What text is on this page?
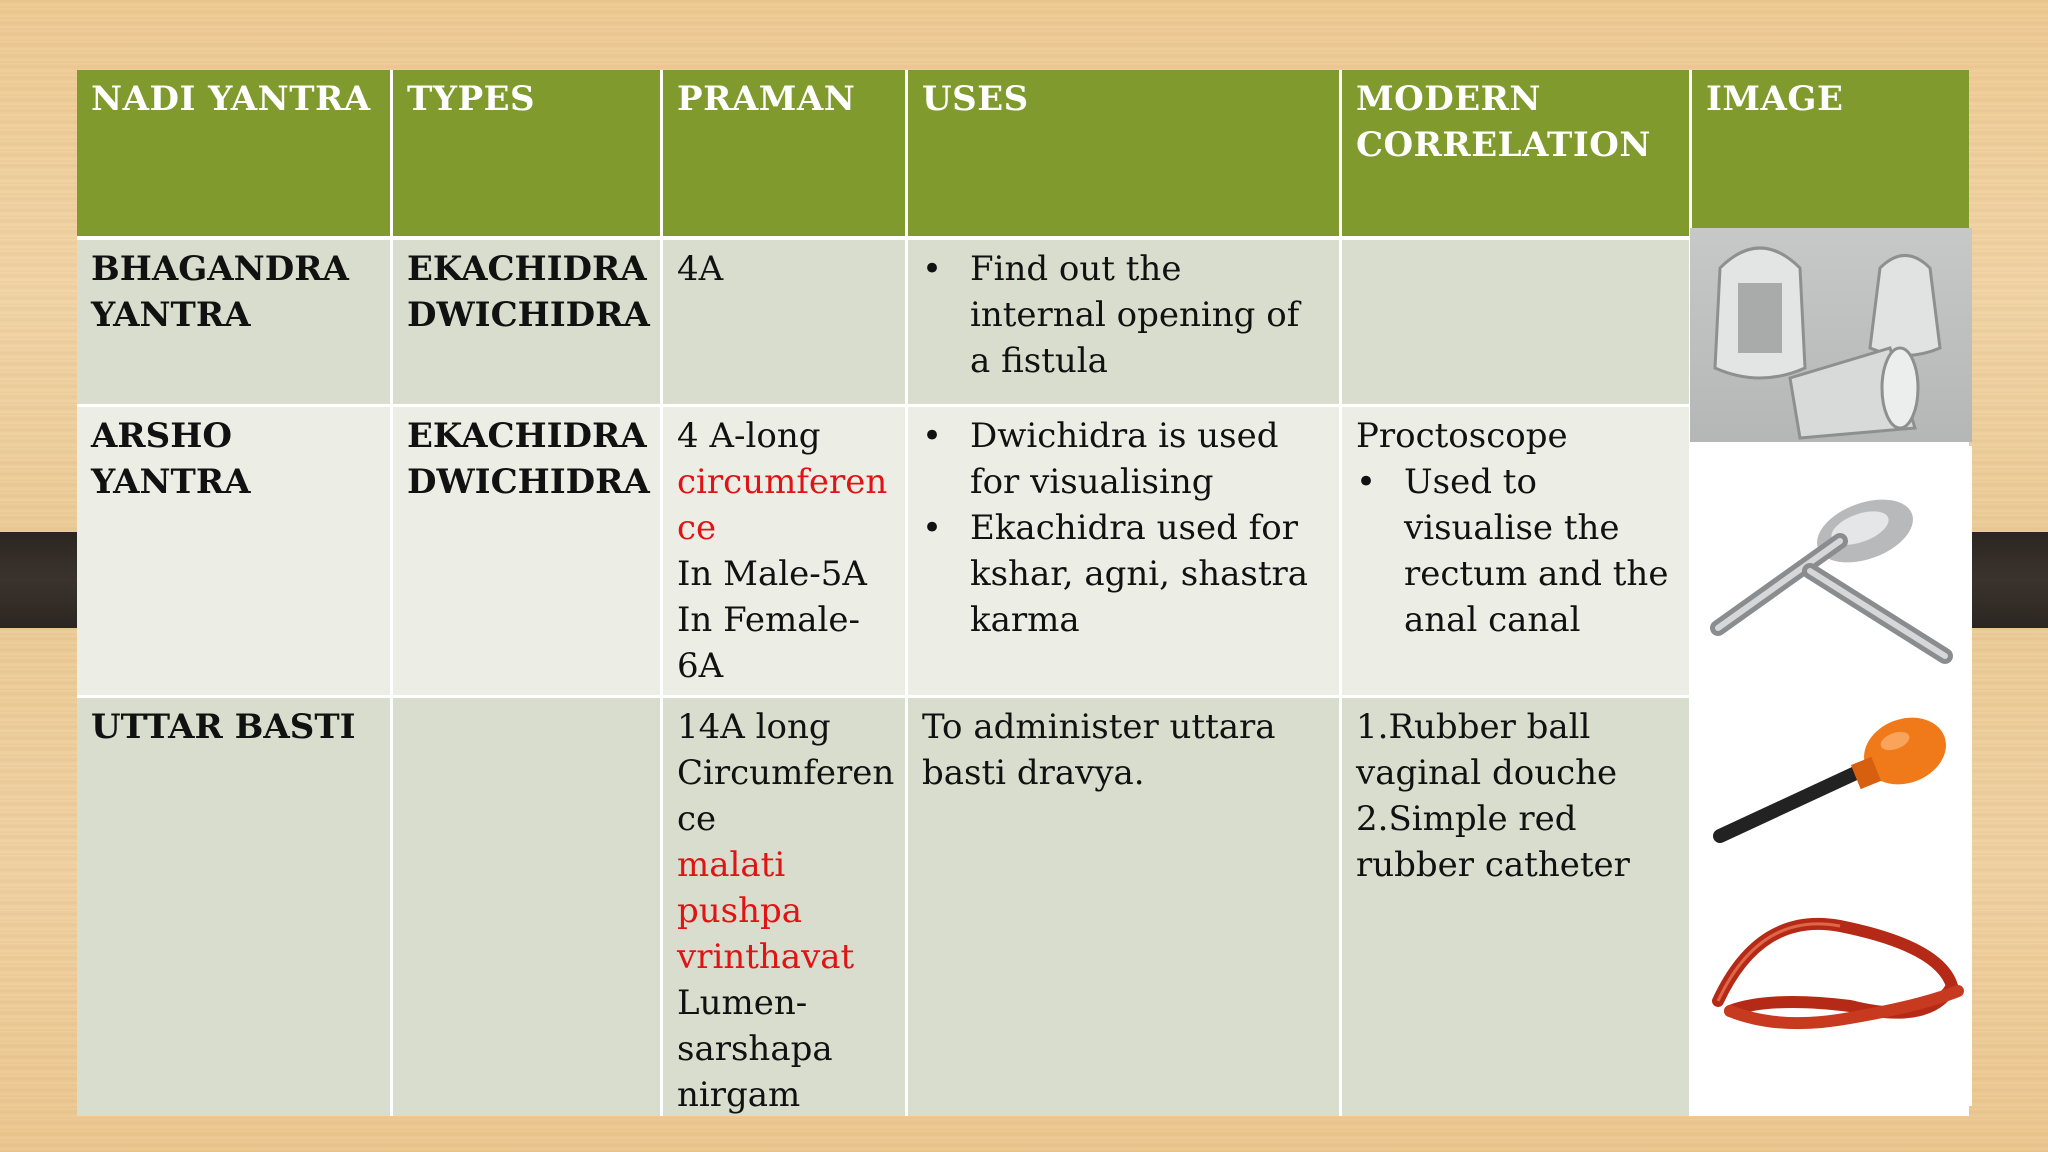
NADI YANTRA	TYPES	PRAMAN	USES	MODERN CORRELATION
IMAGE
BHAGANDRA YANTRA
EKACHIDRA DWICHIDRA
4A
•	Find out the internal opening of a fistula
ARSHO YANTRA
EKACHIDRA DWICHIDRA
4 A-long
circumferen ce
In Male-5A
In Female-6A
• Dwichidra is used for visualising
• Ekachidra used for kshar, agni, shastra karma
Proctoscope
• Used to visualise the rectum and the anal canal
UTTAR BASTI	14A long
Circumferen ce
malati pushpa vrinthavat
Lumen-sarshapa nirgam
To administer uttara basti dravya.
1.Rubber ball vaginal douche
2.Simple red rubber catheter
